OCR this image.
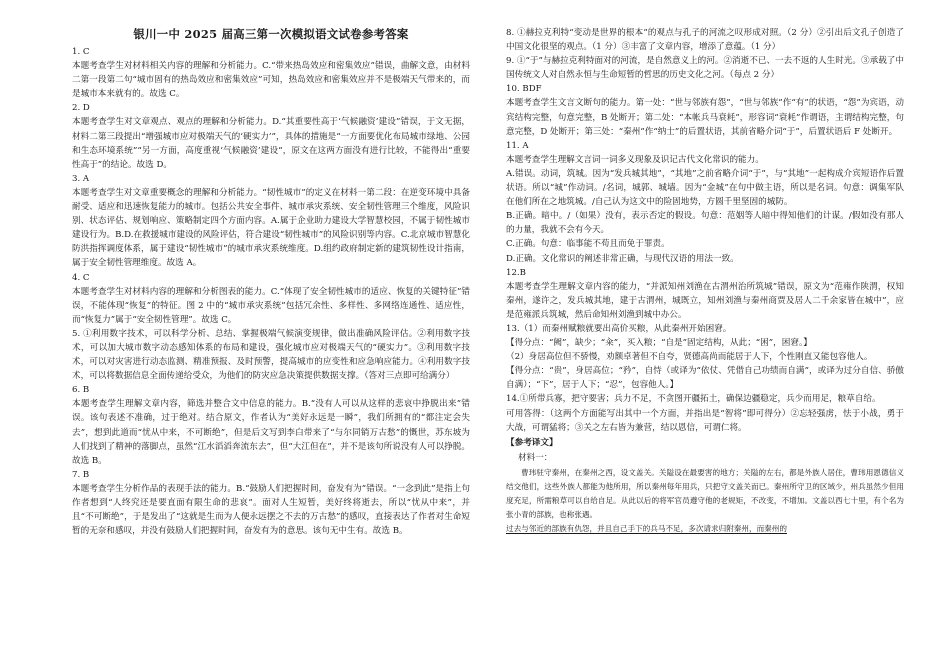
银川一中 2025 届高三第一次模拟语文试卷参考答案
1. C
本题考查学生对材料相关内容的理解和分析能力。C.“带来热岛效应和密集效应”错误，曲解文意，由材料二第一段第二句“城市固有的热岛效应和密集效应”可知，热岛效应和密集效应并不是极端天气带来的，而是城市本来就有的。故选 C。
2. D
本题考查学生对文章观点、观点的理解和分析能力。D.“其重要性高于‘气候融资’建设”错误，于文无据，材料二第三段提出“增强城市应对极端天气的‘硬实力’”，具体的措施是“一方面要优化布局城市绿地、公园和生态环境系统”“另一方面，高度重视‘气候融资’建设”，原文在这两方面没有进行比较，不能得出“重要性高于”的结论。故选 D。
3. A
本题考查学生对文章重要概念的理解和分析能力。“韧性城市”的定义在材料一第二段：在逆变环境中具备耐受、适应和迅速恢复能力的城市。包括公共安全事件、城市承灾系统、安全韧性管理三个维度，风险识别、状态评估、规划响应、策略制定四个方面内容。A.属于企业助力建设大学智慧校园，不属于韧性城市建设行为。B.D.在救援城市建设的风险评估，符合建设“韧性城市”的风险识别等内容。C.北京城市智慧化防洪指挥调度体系，属于建设“韧性城市”的城市承灾系统维度。D.组约政府制定新的建筑韧性设计指南，属于安全韧性管理维度。故选 A。
4. C
本题考查学生对材料内容的理解和分析图表的能力。C.“体现了安全韧性城市的适应、恢复的关键特征”错误，不能体现“恢复”的特征。图 2 中的“城市承灾系统”包括冗余性、多样性、多网络连通性、适应性，而“恢复力”属于“安全韧性管理”。故选 C。
5. ①利用数字技术，可以科学分析、总结、掌握极端气候演变规律，做出准确风险评估。②利用数字技术，可以加大城市数字动态感知体系的布局和建设，强化城市应对极端天气的“硬实力”。③利用数字技术，可以对灾害进行动态监测、精准预报、及时预警，提高城市的应变性和应急响应能力。④利用数字技术，可以将数据信息全面传递给受众，为他们的防灾应急决策提供数据支撑。（答对三点即可给满分）
6. B
本题考查学生理解文章内容，筛选并整合文中信息的能力。B.“没有人可以从这样的悲哀中挣脱出来”错误。该句表述不准确，过于绝对。结合原文，作者认为“美好永远是一瞬”，我们所拥有的“都注定会失去”，想到此道而“忧从中来，不可断绝”，但是后文写到李白带来了“与尔同销万古愁”的慨世，苏东坡为人们找到了精神的落脚点，虽然“江水滔滔奔流东去”，但“大江但在”，并不是该句所说没有人可以挣脱。故选 B。
7. B
本题考查学生分析作品的表现手法的能力。B.“鼓励人们把握时间，奋发有为”错误。“一念到此”是指上句作者想到“人终究还是要直面有限生命的悲哀”。面对人生短暂，美好终将逝去，所以“忧从中来”，并且“不可断绝”，于是发出了“这就是生而为人便永远摆之不去的万古愁”的感叹，直接表达了作者对生命短暂的无奈和感叹，并没有鼓励人们把握时间，奋发有为的意思。该句无中生有。故选 B。
8. ①赫拉克利特“变动是世界的根本”的观点与孔子的河流之叹形成对照。（2 分）②引出后文孔子创造了中国文化很坚的观点。（1 分）③丰富了文章内容，增添了意蕴。（1 分）
9. ①“于”与赫拉克利特面对的河流，是自然意义上的河。②消逝不已、一去不返的人生时光。③承载了中国传统文人对自然永恒与生命短暂的哲思的历史文化之河。（每点 2 分）
10. BDF
本题考查学生文言文断句的能力。第一处：“世与邻族有怨”，“世与邻族”作“有”的状语，“怨”为宾语，动宾结构完整，句意完整，B 处断开；第二处：“本帐兵马衰耗”，形容词“衰耗”作谓语，主谓结构完整，句意完整，D 处断开；第三处：“秦州”作“纳士”的后置状语，其前省略介词“于”，后置状语后 F 处断开。
11. A
本题考查学生理解文言词一词多义现象及识记古代文化常识的能力。
A.错误。动词，筑城。因为“发兵城其地”，“其地”之前省略介词“于”，与“其地”一起构成介宾短语作后置状语。所以“城”作动词。/名词，城郭、城墙。因为“金城”在句中做主语，所以是名词。句意：调集军队在他们所在之地筑城。/自己认为这文中的险固地势，方圆千里坚固的城防。
B.正确。暗中。/（如果）没有，表示否定的假设。句意：范姻等人暗中得知他们的计谋。/假如没有那人的力量，我就不会有今天。
C.正确。句意：临事能不苟且而免于罪责。
D.正确。文化常识的阐述非常正确，与现代汉语的用法一致。
12.B
本题考查学生理解文章内容的能力，“并派知州刘渔在古渭州治所筑城”错误，原文为“范雍作陕渭，权知秦州，遂许之，发兵城其地，建于古渭州，城既立，知州刘渔与秦州商贾及居人二千余家皆在城中”，应是范雍派兵筑城，然后命知州刘渔到城中办公。
13.（1）而秦州赋粮就要出高价买粮，从此秦州开始困窘。
【得分点：“阙”，缺少；“籴”，买入粮；“自是”固定结构，从此；“困”，困窘。】
（2）身居高位但不骄慢，劝额卓著但不自夸，贤德高尚而能居于人下，个性刚直又能包容他人。
【得分点：“贵”，身居高位；“矜”，自恃（或译为“依仗、凭借自己功绩而自满”，或译为过分自信、骄傲自满）；“下”，居于人下；“忍”，包容他人。】
14.①所带兵寡，把守要害；兵力不足，不贪图开疆拓土，确保边疆稳定，兵少而用足，粮草自给。
可用答得：（这两个方面能写出其中一个方面，并指出是“智将”即可得分）②忘轻强虏，怯于小战，勇于大战，可谓猛将；③关之左右皆为兼营，结以恩信，可谓仁将。
【参考译文】
材料一：
曹玮驻守秦州，在秦州之西，设文盖关。关隘设在最要害的地方；关隘的左右，都是外族人居住，曹玮用恩德信义结交他们，这些外族人都能为他所用，所以秦州每年用兵，只把守文盖关而已。秦州所守卫的区域少，州兵虽然少但用度充足，所需粮草可以自给自足。从此以后的将军官员遵守他的老规矩，不改变，不增加。文盖以西七十里，有个名为张小青的部族，也称张遇。
过去与邻近的部族有仇怨，并且自己手下的兵马不足，多次请求归附秦州，而秦州的
